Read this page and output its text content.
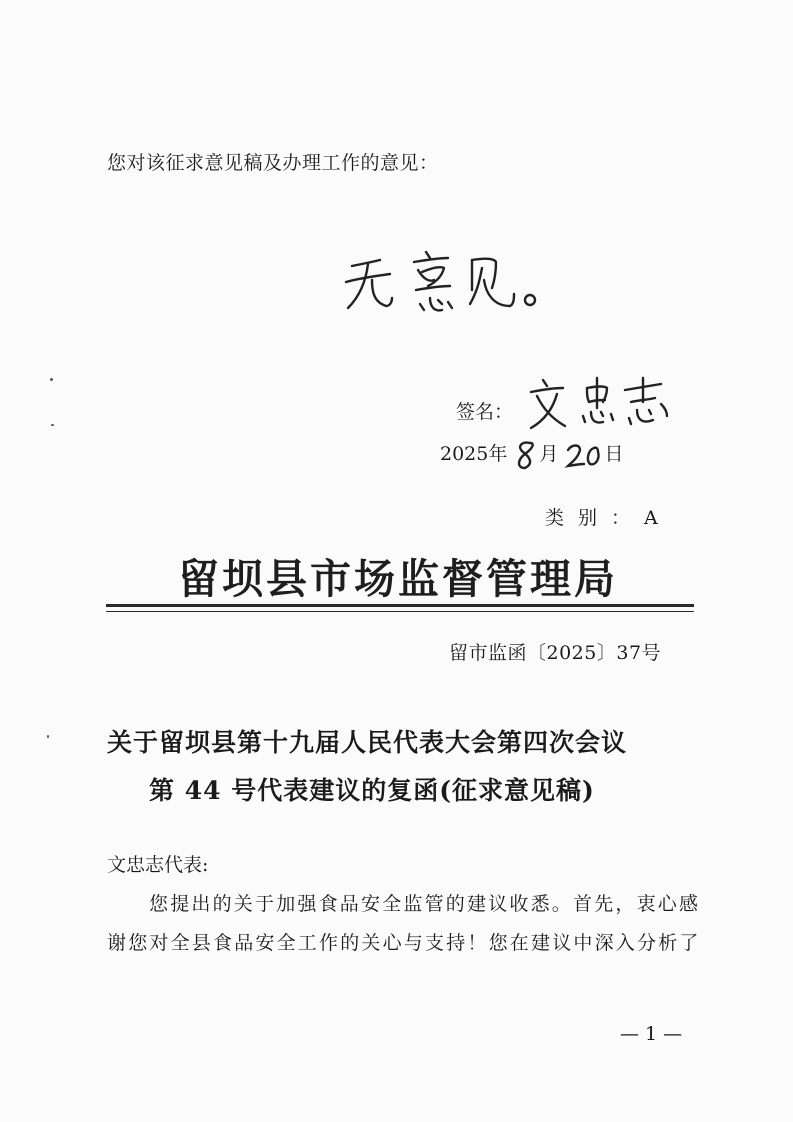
您对该征求意见稿及办理工作的意见：
签名：
2025年 月 日
类别：A
留坝县市场监督管理局
留市监函〔2025〕37号
关于留坝县第十九届人民代表大会第四次会议
第 44 号代表建议的复函(征求意见稿)
文忠志代表:
您提出的关于加强食品安全监管的建议收悉。首先，衷心感
谢您对全县食品安全工作的关心与支持！您在建议中深入分析了
— 1 —
